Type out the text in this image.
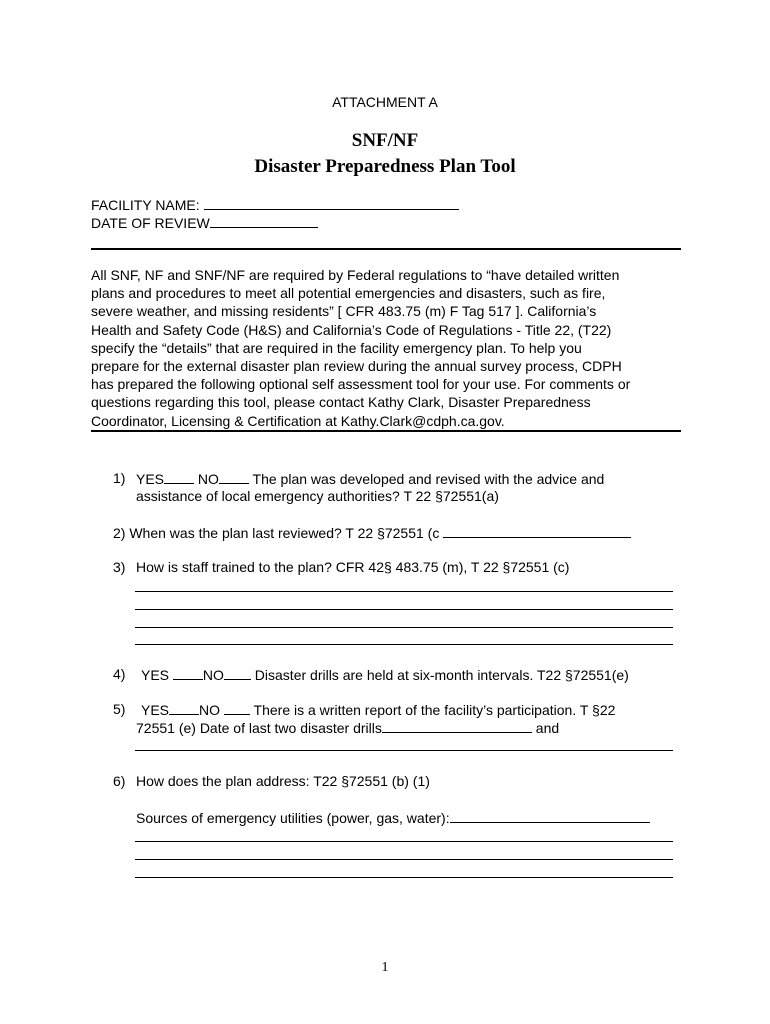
ATTACHMENT A
SNF/NF
Disaster Preparedness Plan Tool
FACILITY NAME:
DATE OF REVIEW
All SNF, NF and SNF/NF are required by Federal regulations to “have detailed written
plans and procedures to meet all potential emergencies and disasters, such as fire,
severe weather, and missing residents” [ CFR 483.75 (m) F Tag 517 ]. California’s
Health and Safety Code (H&S) and California’s Code of Regulations - Title 22, (T22)
specify the “details” that are required in the facility emergency plan. To help you
prepare for the external disaster plan review during the annual survey process, CDPH
has prepared the following optional self assessment tool for your use. For comments or
questions regarding this tool, please contact Kathy Clark, Disaster Preparedness
Coordinator, Licensing & Certification at Kathy.Clark@cdph.ca.gov.
1) YES NO The plan was developed and revised with the advice and
assistance of local emergency authorities? T 22 §72551(a)
2) When was the plan last reviewed? T 22 §72551 (c
3) How is staff trained to the plan? CFR 42§ 483.75 (m), T 22 §72551 (c)
4) YES NO Disaster drills are held at six-month intervals. T22 §72551(e)
5) YES NO There is a written report of the facility’s participation. T §22
72551 (e) Date of last two disaster drills	and
6) How does the plan address: T22 §72551 (b) (1)
Sources of emergency utilities (power, gas, water):
1
